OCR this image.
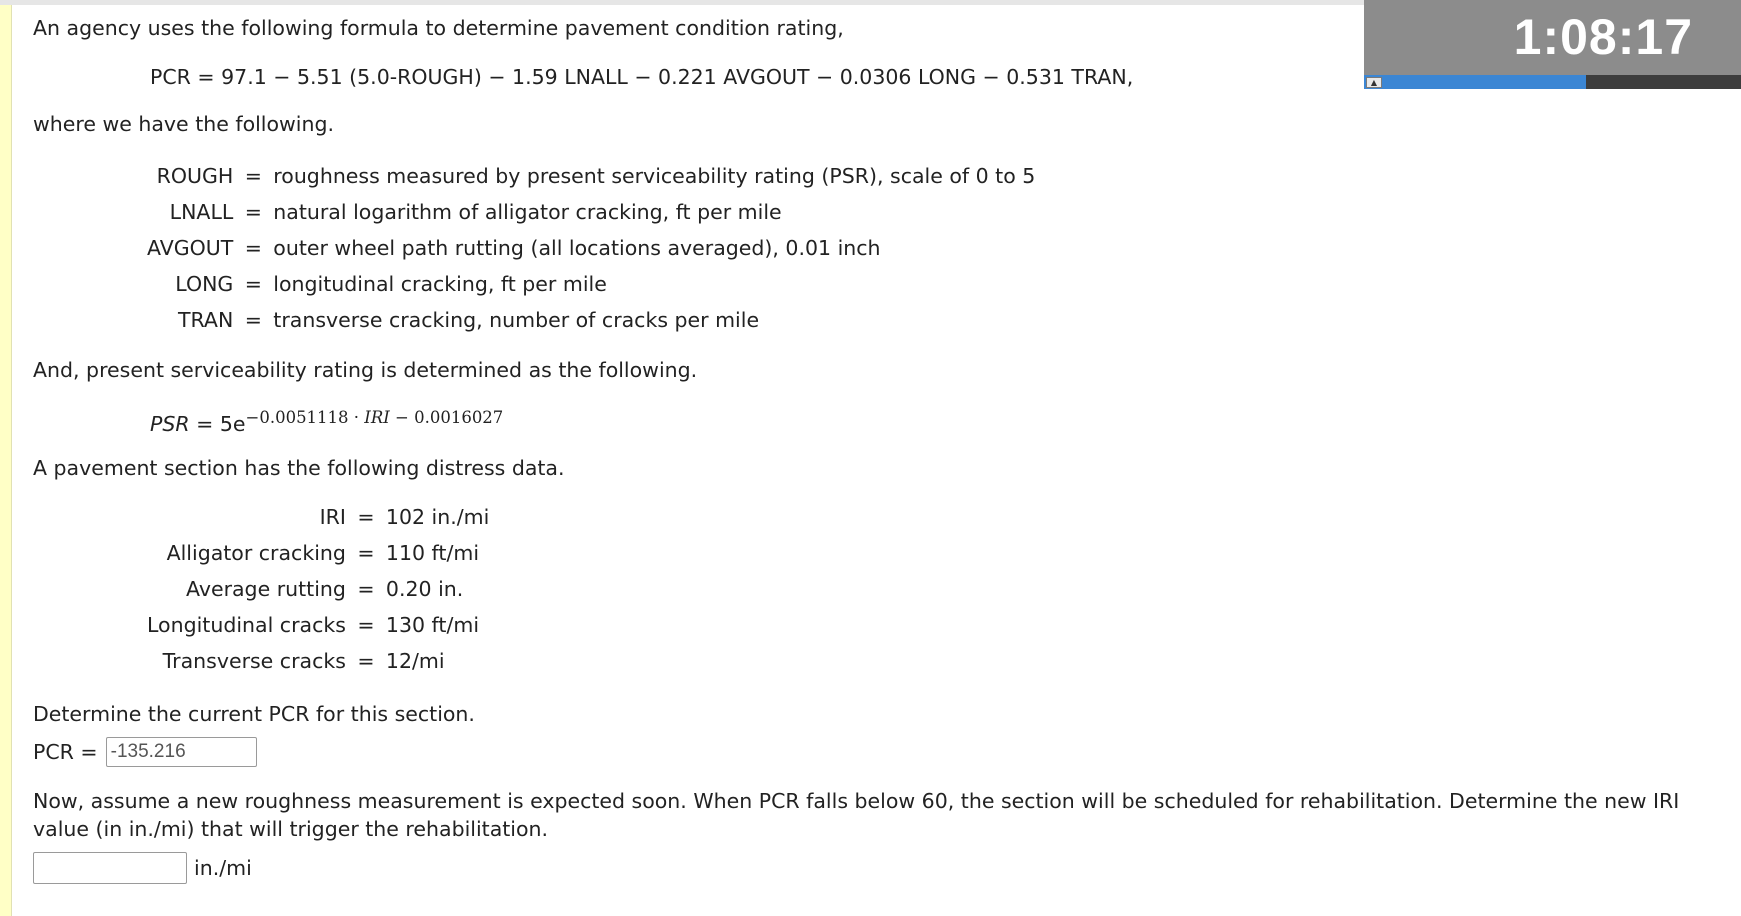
An agency uses the following formula to determine pavement condition rating,

PCR = 97.1 − 5.51 (5.0-ROUGH) − 1.59 LNALL − 0.221 AVGOUT − 0.0306 LONG − 0.531 TRAN,

where we have the following.

ROUGH	=	roughness measured by present serviceability rating (PSR), scale of 0 to 5
LNALL	=	natural logarithm of alligator cracking, ft per mile
AVGOUT	=	outer wheel path rutting (all locations averaged), 0.01 inch
LONG	=	longitudinal cracking, ft per mile
TRAN	=	transverse cracking, number of cracks per mile

And, present serviceability rating is determined as the following.

PSR = $5e^{-0.0051118 \cdot IRI - 0.0016027}$

A pavement section has the following distress data.

IRI	=	102 in./mi
Alligator cracking	=	110 ft/mi
Average rutting	=	0.20 in.
Longitudinal cracks	=	130 ft/mi
Transverse cracks	=	12/mi

Determine the current PCR for this section.

PCR =
-135.216

Now, assume a new roughness measurement is expected soon. When PCR falls below 60, the section will be scheduled for rehabilitation. Determine the new IRI value (in in./mi) that will trigger the rehabilitation.

in./mi
1:08:17
▲
